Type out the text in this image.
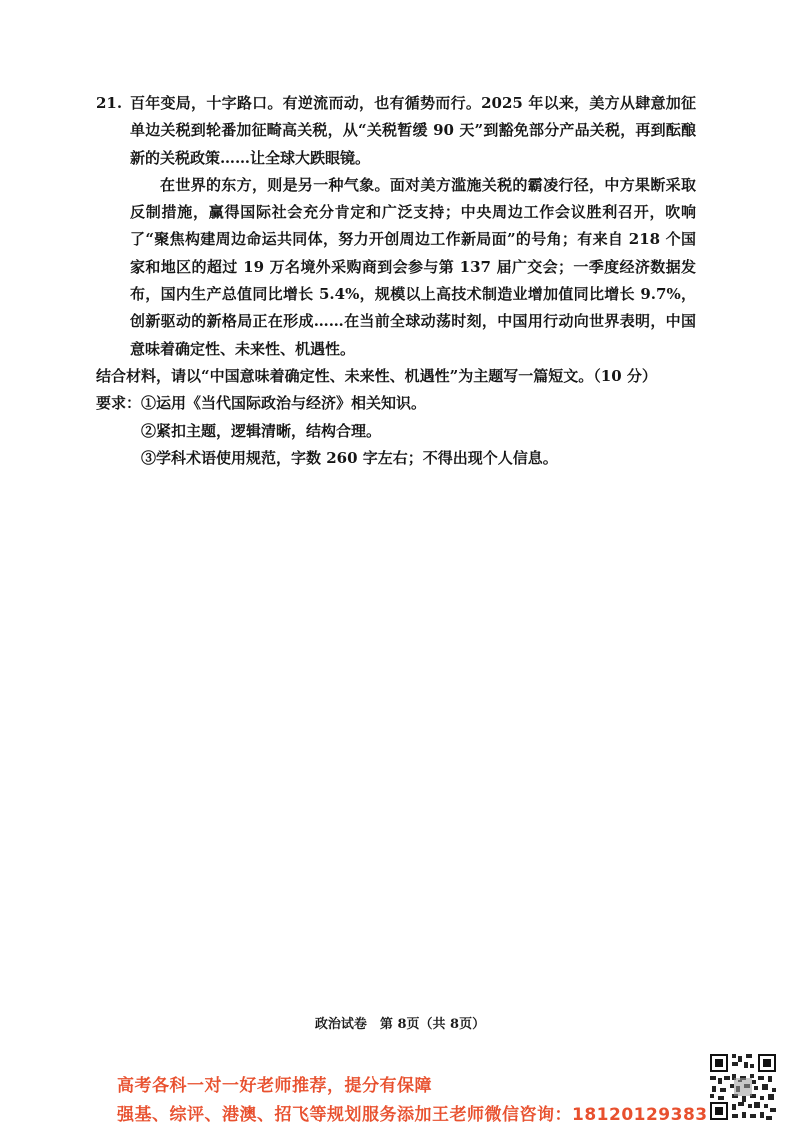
21. 百年变局，十字路口。有逆流而动，也有循势而行。2025 年以来，美方从肆意加征单边关税到轮番加征畸高关税，从“关税暂缓 90 天”到豁免部分产品关税，再到酝酿新的关税政策……让全球大跌眼镜。

在世界的东方，则是另一种气象。面对美方滥施关税的霸凌行径，中方果断采取反制措施，赢得国际社会充分肯定和广泛支持；中央周边工作会议胜利召开，吹响了“聚焦构建周边命运共同体，努力开创周边工作新局面”的号角；有来自 218 个国家和地区的超过 19 万名境外采购商到会参与第 137 届广交会；一季度经济数据发布，国内生产总值同比增长 5.4%，规模以上高技术制造业增加值同比增长 9.7%，创新驱动的新格局正在形成……在当前全球动荡时刻，中国用行动向世界表明，中国意味着确定性、未来性、机遇性。

结合材料，请以“中国意味着确定性、未来性、机遇性”为主题写一篇短文。（10 分）

要求：①运用《当代国际政治与经济》相关知识。

②紧扣主题，逻辑清晰，结构合理。

③学科术语使用规范，字数 260 字左右；不得出现个人信息。

政治试卷　第 8页（共 8页）
高考各科一对一好老师推荐，提分有保障
强基、综评、港澳、招飞等规划服务添加王老师微信咨询：18120129383
